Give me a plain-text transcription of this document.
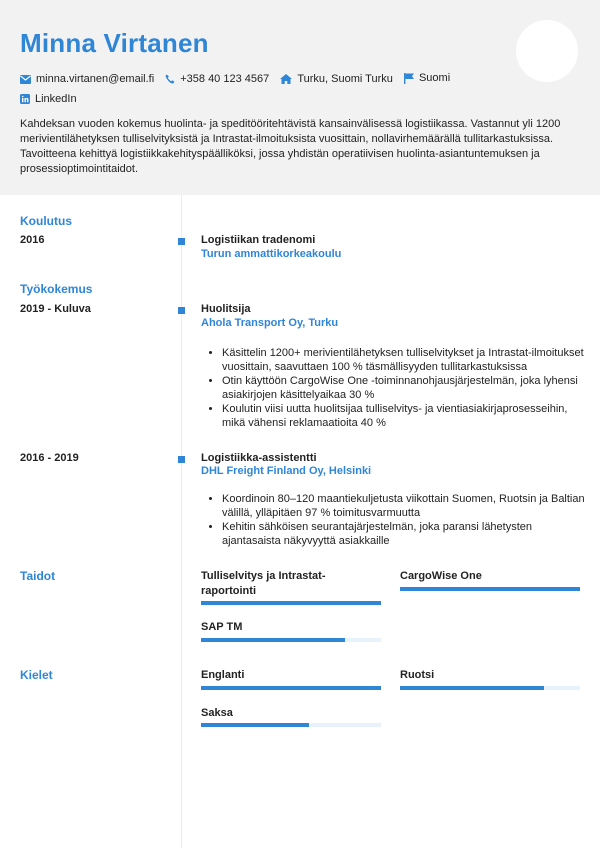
Minna Virtanen
minna.virtanen@email.fi
+358 40 123 4567
	Turku, Suomi Turku
Suomi

LinkedIn
Kahdeksan vuoden kokemus huolinta- ja speditööritehtävistä kansainvälisessä logistiikassa. Vastannut yli 1200 merivientilähetyksen tulliselvityksistä ja Intrastat-ilmoituksista vuosittain, nollavirhemäärällä tullitarkastuksissa. Tavoitteena kehittyä logistiikkakehityspäälliköksi, jossa yhdistän operatiivisen huolinta-asiantuntemuksen ja prosessioptimointitaidot.
Koulutus
2016	Logistiikan tradenomi
Turun ammattikorkeakoulu
Työkokemus
2019 - Kuluva	Huolitsija
Ahola Transport Oy, Turku
• Käsittelin 1200+ merivientilähetyksen tulliselvitykset ja Intrastat-ilmoitukset vuosittain, saavuttaen 100 % täsmällisyyden tullitarkastuksissa
• Otin käyttöön CargoWise One -toiminnanohjausjärjestelmän, joka lyhensi asiakirjojen käsittelyaikaa 30 %
• Koulutin viisi uutta huolitsijaa tulliselvitys- ja vientiasiakirjaprosesseihin, mikä vähensi reklamaatioita 40 %
2016 - 2019	Logistiikka-assistentti
DHL Freight Finland Oy, Helsinki
• Koordinoin 80–120 maantiekuljetusta viikottain Suomen, Ruotsin ja Baltian välillä, ylläpitäen 97 % toimitusvarmuutta
• Kehitin sähköisen seurantajärjestelmän, joka paransi lähetysten ajantasaista näkyvyyttä asiakkaille
Taidot	Tulliselvitys ja Intrastat-raportointi
CargoWise One
SAP TM
Kielet	Englanti	Ruotsi
Saksa
